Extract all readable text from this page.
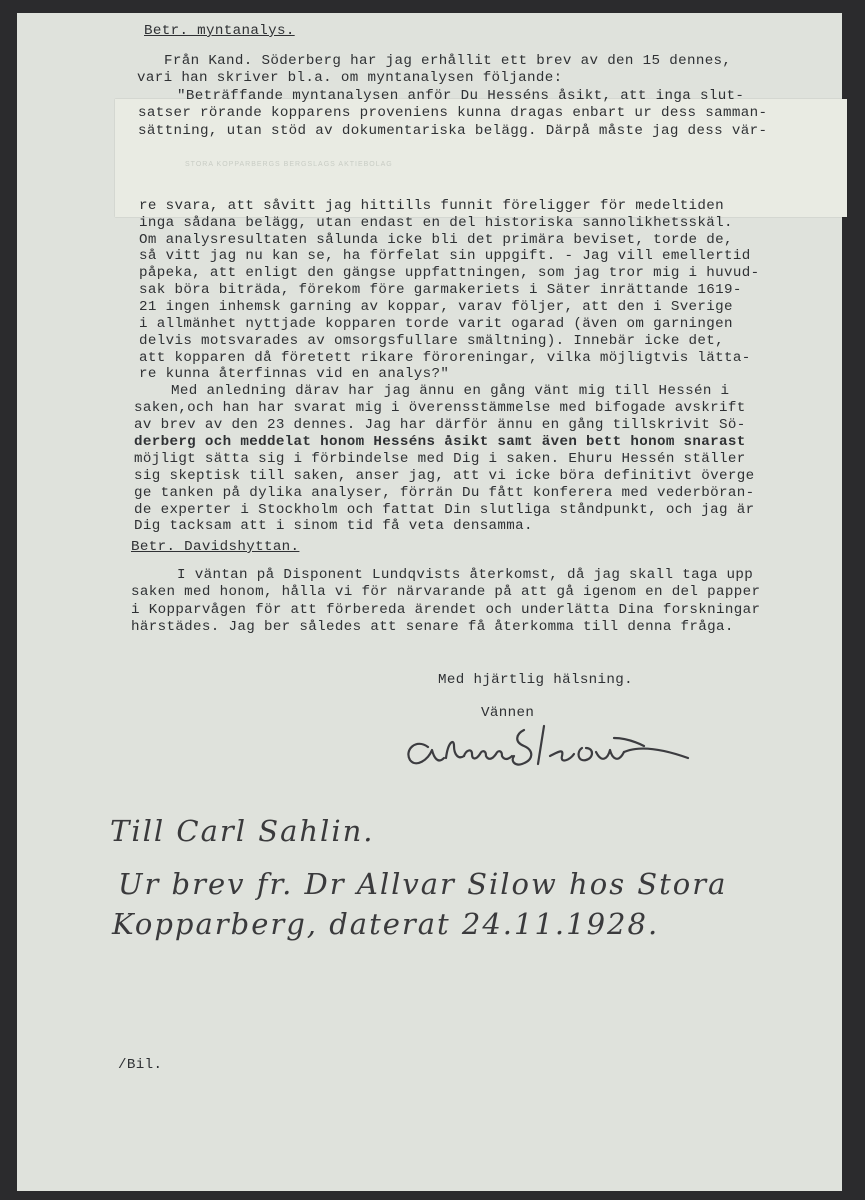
STORA KOPPARBERGS BERGSLAGS AKTIEBOLAG

Betr. myntanalys.

Från Kand. Söderberg har jag erhållit ett brev av den 15 dennes,

vari han skriver bl.a. om myntanalysen följande:

"Beträffande myntanalysen anför Du Hesséns åsikt, att inga slut-

satser rörande kopparens proveniens kunna dragas enbart ur dess samman-

sättning, utan stöd av dokumentariska belägg. Därpå måste jag dess vär-

re svara, att såvitt jag hittills funnit föreligger för medeltiden

inga sådana belägg, utan endast en del historiska sannolikhetsskäl.

Om analysresultaten sålunda icke bli det primära beviset, torde de,

så vitt jag nu kan se, ha förfelat sin uppgift. - Jag vill emellertid

påpeka, att enligt den gängse uppfattningen, som jag tror mig i huvud-

sak böra biträda, förekom före garmakeriets i Säter inrättande 1619-

21 ingen inhemsk garning av koppar, varav följer, att den i Sverige

i allmänhet nyttjade kopparen torde varit ogarad (även om garningen

delvis motsvarades av omsorgsfullare smältning). Innebär icke det,

att kopparen då företett rikare föroreningar, vilka möjligtvis lätta-

re kunna återfinnas vid en analys?"

Med anledning därav har jag ännu en gång vänt mig till Hessén i

saken,och han har svarat mig i överensstämmelse med bifogade avskrift

av brev av den 23 dennes. Jag har därför ännu en gång tillskrivit Sö-

derberg och meddelat honom Hesséns åsikt samt även bett honom snarast

möjligt sätta sig i förbindelse med Dig i saken. Ehuru Hessén ställer

sig skeptisk till saken, anser jag, att vi icke böra definitivt överge

ge tanken på dylika analyser, förrän Du fått konferera med vederböran-

de experter i Stockholm och fattat Din slutliga ståndpunkt, och jag är

Dig tacksam att i sinom tid få veta densamma.

Betr. Davidshyttan.

I väntan på Disponent Lundqvists återkomst, då jag skall taga upp

saken med honom, hålla vi för närvarande på att gå igenom en del papper

i Kopparvågen för att förbereda ärendet och underlätta Dina forskningar

härstädes. Jag ber således att senare få återkomma till denna fråga.

Med hjärtlig hälsning.

Vännen

Till Carl Sahlin.

Ur brev fr. Dr Allvar Silow hos Stora

Kopparberg, daterat 24.11.1928.

/Bil.
